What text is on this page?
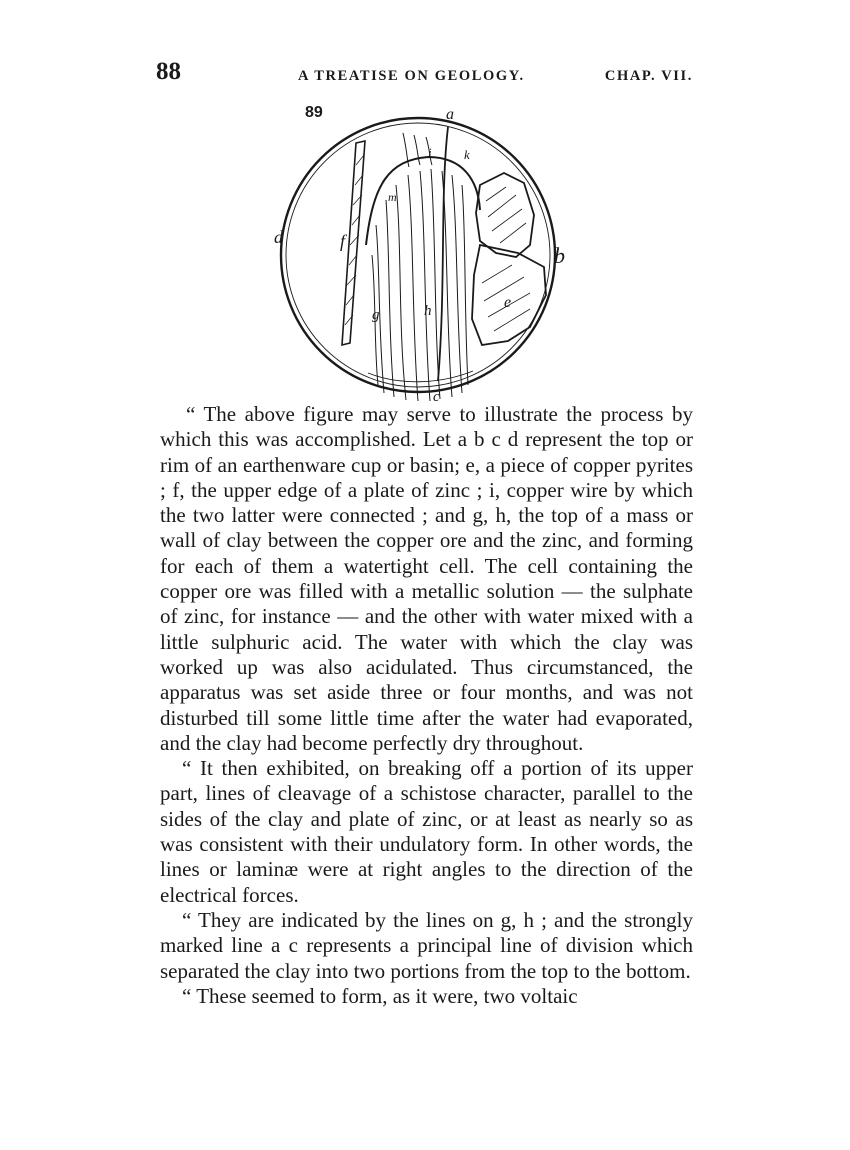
88	A TREATISE ON GEOLOGY.	CHAP. VII.
89	a
b
c
d
e
f
g	h
i k
m

“ The above figure may serve to illustrate the process by which this was accomplished. Let a b c d represent the top or rim of an earthenware cup or basin; e, a piece of copper pyrites ; f, the upper edge of a plate of zinc ; i, copper wire by which the two latter were connected ; and g, h, the top of a mass or wall of clay between the copper ore and the zinc, and forming for each of them a watertight cell. The cell containing the copper ore was filled with a metallic solution — the sulphate of zinc, for instance — and the other with water mixed with a little sulphuric acid. The water with which the clay was worked up was also acidulated. Thus circumstanced, the apparatus was set aside three or four months, and was not disturbed till some little time after the water had evaporated, and the clay had become perfectly dry throughout.

“ It then exhibited, on breaking off a portion of its upper part, lines of cleavage of a schistose character, parallel to the sides of the clay and plate of zinc, or at least as nearly so as was consistent with their undulatory form. In other words, the lines or laminæ were at right angles to the direction of the electrical forces.

“ They are indicated by the lines on g, h ; and the strongly marked line a c represents a principal line of division which separated the clay into two portions from the top to the bottom.

“ These seemed to form, as it were, two voltaic
